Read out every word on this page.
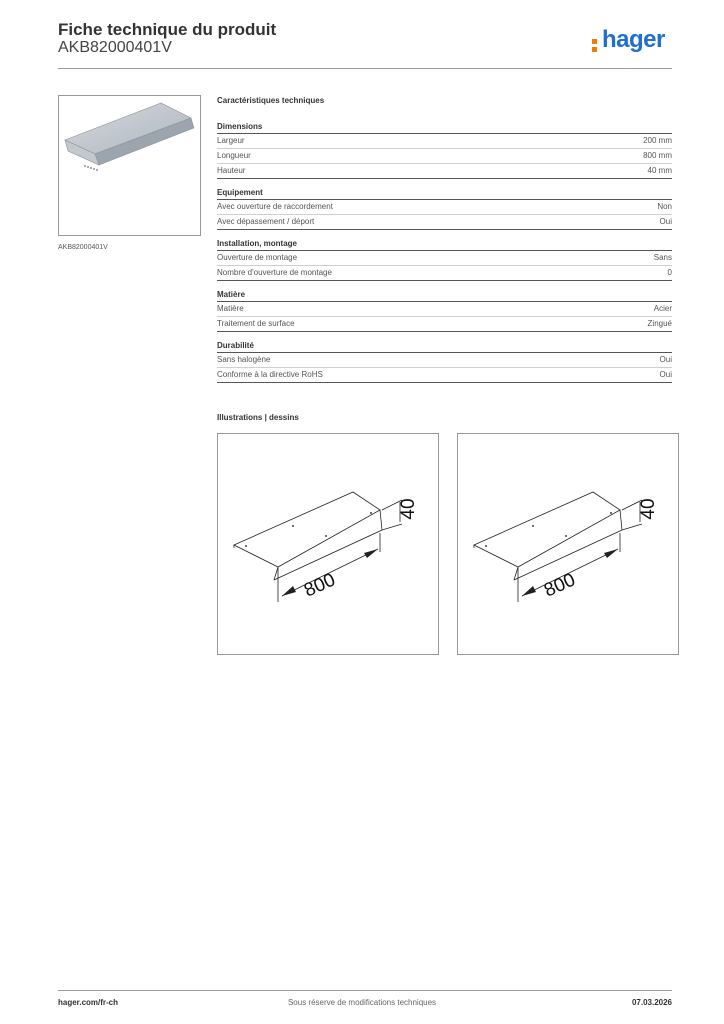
Fiche technique du produit
AKB82000401V	hager
AKB82000401V
Caractéristiques techniques
Dimensions
Largeur	200 mm
Longueur	800 mm
Hauteur	40 mm
Equipement
Avec ouverture de raccordement	Non
Avec dépassement / déport	Oui
Installation, montage
Ouverture de montage	Sans
Nombre d'ouverture de montage	0
Matière
Matière	Acier
Traitement de surface	Zingué
Durabilité
Sans halogène	Oui
Conforme à la directive RoHS	Oui
Illustrations | dessins
800
40
800
40
hager.com/fr-ch	Sous réserve de modifications techniques	07.03.2026
